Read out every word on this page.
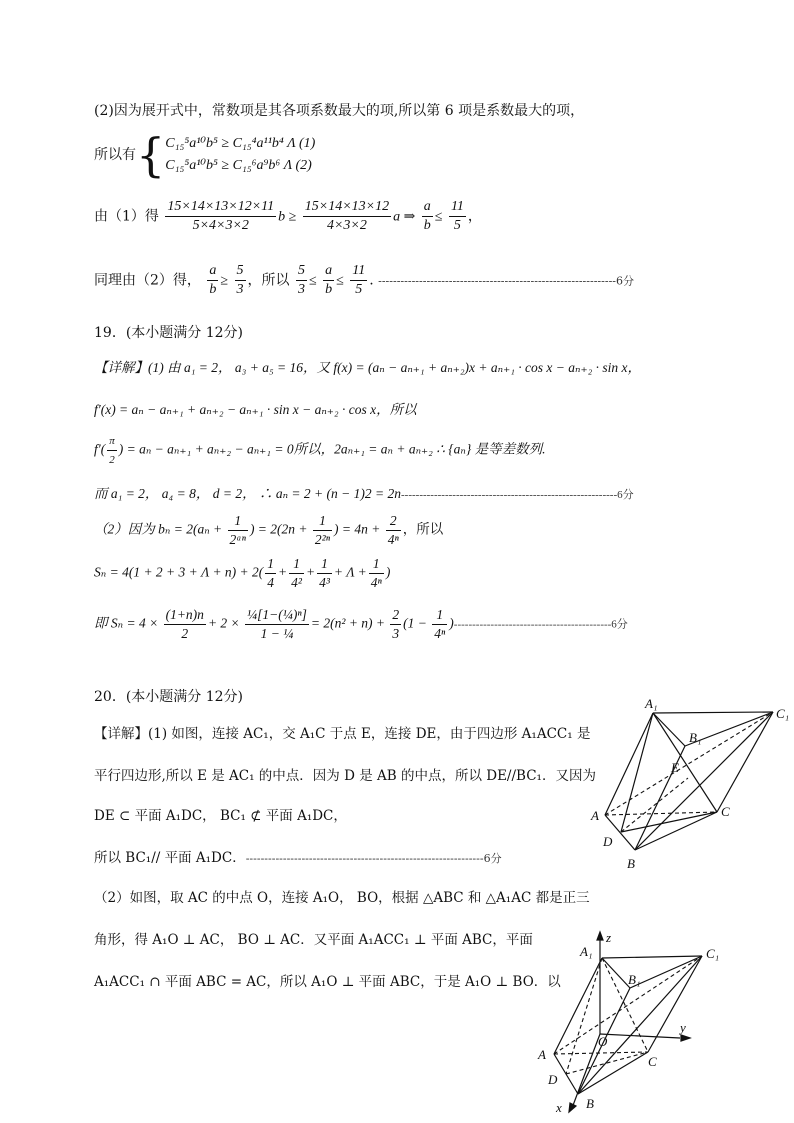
(2)因为展开式中，常数项是其各项系数最大的项,所以第 6 项是系数最大的项，
所以有{C₁₅⁵a¹⁰b⁵ ≥ C₁₅⁴a¹¹b⁴ Λ (1)
C₁₅⁵a¹⁰b⁵ ≥ C₁₅⁶a⁹b⁶ Λ (2)
由（1）得 $\frac{15\times 14\times 13\times 12\times 11}{5\times 4\times 3\times 2}$ $b \ge \frac{15\times 14\times 13\times 12}{4\times 3\times 2}$ a ⇒ $\frac{a}{b} \le \frac{11}{5}$ ，
同理由（2）得， $\frac{a}{b} \ge \frac{5}{3}$ ，所以 $\frac{5}{3} \le \frac{a}{b} \le \frac{11}{5}$ . ----------------------------------------------------------------6分
19．(本小题满分 12分)
【详解】(1) 由 a₁ = 2， a₃ + a₅ = 16，又 f(x) = (aₙ − aₙ₊₁ + aₙ₊₂)x + aₙ₊₁ · cos x − aₙ₊₂ · sin x，
f′(x) = aₙ − aₙ₊₁ + aₙ₊₂ − aₙ₊₁ · sin x − aₙ₊₂ · cos x，所以
$f'( \frac{\pi}{2}$ ) = aₙ − aₙ₊₁ + aₙ₊₂ − aₙ₊₁ = 0所以，2aₙ₊₁ = aₙ + aₙ₊₂ ∴ {aₙ} 是等差数列.
而 a₁ = 2， a₄ = 8， d = 2， ∴ aₙ = 2 + (n − 1)2 = 2n-----------------------------------------------------------6分
（2）因为 $b_n = 2(a_n + \frac{1}{\text{2ᵃⁿ}}$ ) = $2(2n + \frac{1}{\text{2²ⁿ}}$ ) = $4n + \frac{2}{\text{4ⁿ}}$ ，所以
$S_n = 4(1 + 2 + 3 + \Lambda + n) + 2( \frac{1}{4} + \frac{1}{\text{4²}} + \frac{1}{\text{4³}} + \Lambda + \frac{1}{\text{4ⁿ}}$ )
即 $S_n = 4 \times \frac{(1+n)n}{2} + 2 \times \frac{\text{¼[1−(¼)ⁿ]}}{\text{1 − ¼}} = 2(n^2 + n) + \frac{2}{3} (1 - \frac{1}{\text{4ⁿ}} )-------------------------------------------6$分
20．(本小题满分 12分)
【详解】(1) 如图，连接 AC₁，交 A₁C 于点 E，连接 DE，由于四边形 A₁ACC₁ 是
平行四边形,所以 E 是 AC₁ 的中点．因为 D 是 AB 的中点，所以 DE//BC₁．又因为
DE ⊂ 平面 A₁DC， BC₁ ⊄ 平面 A₁DC，
所以 BC₁// 平面 A₁DC．----------------------------------------------------------------6分
（2）如图，取 AC 的中点 O，连接 A₁O， BO，根据 △ABC 和 △A₁AC 都是正三
角形，得 A₁O ⊥ AC， BO ⊥ AC．又平面 A₁ACC₁ ⊥ 平面 ABC，平面
A₁ACC₁ ∩ 平面 ABC = AC，所以 A₁O ⊥ 平面 ABC，于是 A₁O ⊥ BO．以
A₁
B₁
C₁
E
A	C
D
B
z
A₁	C₁
B₁
O
y
A	C
D
x B
